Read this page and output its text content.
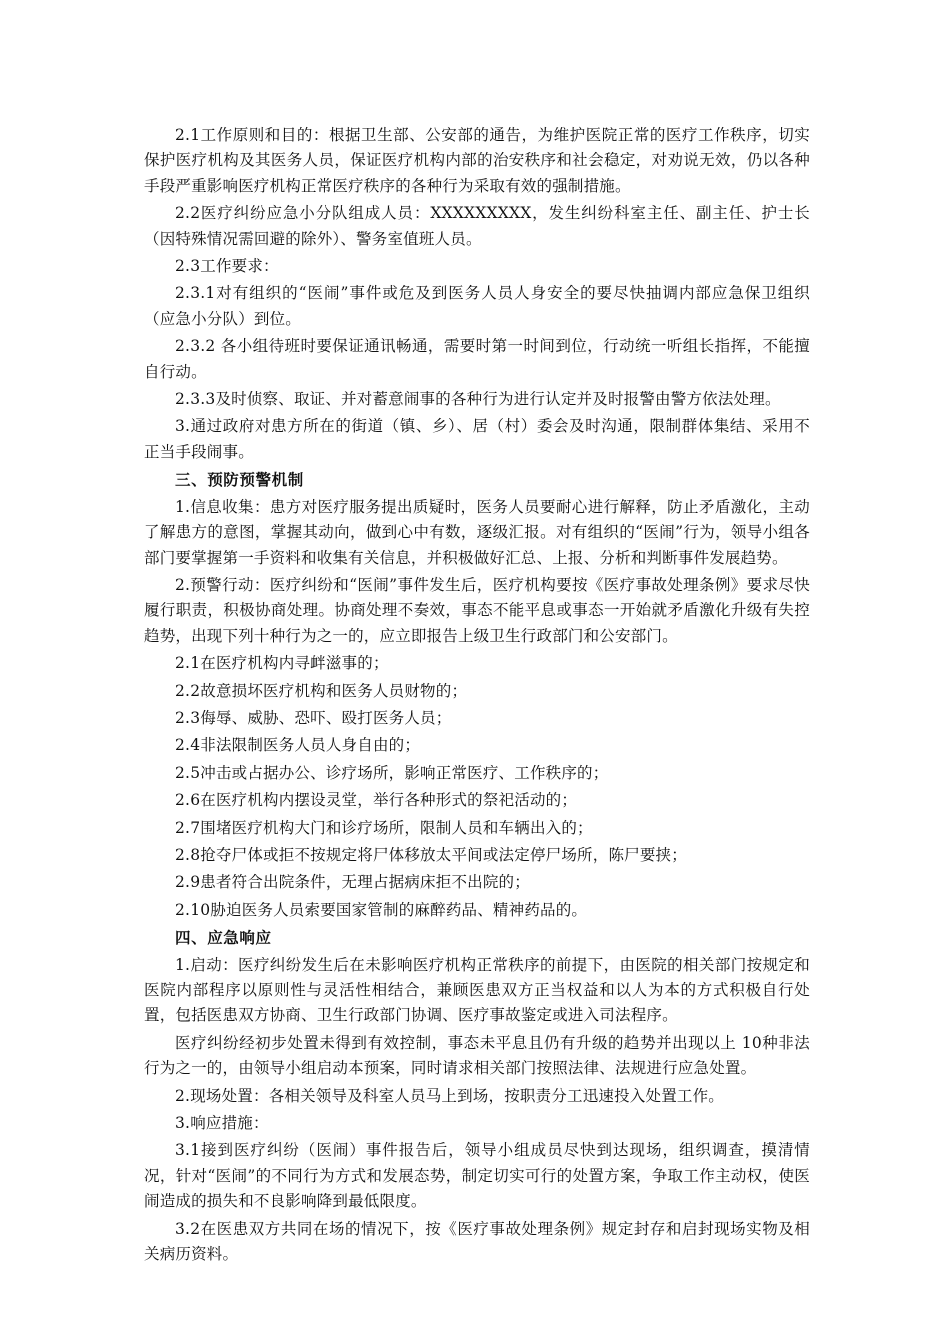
2.1工作原则和目的：根据卫生部、公安部的通告，为维护医院正常的医疗工作秩序，切实保护医疗机构及其医务人员，保证医疗机构内部的治安秩序和社会稳定，对劝说无效，仍以各种手段严重影响医疗机构正常医疗秩序的各种行为采取有效的强制措施。

2.2医疗纠纷应急小分队组成人员：XXXXXXXXX，发生纠纷科室主任、副主任、护士长（因特殊情况需回避的除外）、警务室值班人员。

2.3工作要求：

2.3.1对有组织的“医闹”事件或危及到医务人员人身安全的要尽快抽调内部应急保卫组织（应急小分队）到位。

2.3.2 各小组待班时要保证通讯畅通，需要时第一时间到位，行动统一听组长指挥，不能擅自行动。

2.3.3及时侦察、取证、并对蓄意闹事的各种行为进行认定并及时报警由警方依法处理。

3.通过政府对患方所在的街道（镇、乡）、居（村）委会及时沟通，限制群体集结、采用不正当手段闹事。

三、预防预警机制

1.信息收集：患方对医疗服务提出质疑时，医务人员要耐心进行解释，防止矛盾激化，主动了解患方的意图，掌握其动向，做到心中有数，逐级汇报。对有组织的“医闹”行为，领导小组各部门要掌握第一手资料和收集有关信息，并积极做好汇总、上报、分析和判断事件发展趋势。

2.预警行动：医疗纠纷和“医闹”事件发生后，医疗机构要按《医疗事故处理条例》要求尽快履行职责，积极协商处理。协商处理不奏效，事态不能平息或事态一开始就矛盾激化升级有失控趋势，出现下列十种行为之一的，应立即报告上级卫生行政部门和公安部门。

2.1在医疗机构内寻衅滋事的；

2.2故意损坏医疗机构和医务人员财物的；

2.3侮辱、威胁、恐吓、殴打医务人员；

2.4非法限制医务人员人身自由的；

2.5冲击或占据办公、诊疗场所，影响正常医疗、工作秩序的；

2.6在医疗机构内摆设灵堂，举行各种形式的祭祀活动的；

2.7围堵医疗机构大门和诊疗场所，限制人员和车辆出入的；

2.8抢夺尸体或拒不按规定将尸体移放太平间或法定停尸场所，陈尸要挟；

2.9患者符合出院条件，无理占据病床拒不出院的；

2.10胁迫医务人员索要国家管制的麻醉药品、精神药品的。

四、应急响应

1.启动：医疗纠纷发生后在未影响医疗机构正常秩序的前提下，由医院的相关部门按规定和医院内部程序以原则性与灵活性相结合，兼顾医患双方正当权益和以人为本的方式积极自行处置，包括医患双方协商、卫生行政部门协调、医疗事故鉴定或进入司法程序。

医疗纠纷经初步处置未得到有效控制，事态未平息且仍有升级的趋势并出现以上 10种非法行为之一的，由领导小组启动本预案，同时请求相关部门按照法律、法规进行应急处置。

2.现场处置：各相关领导及科室人员马上到场，按职责分工迅速投入处置工作。

3.响应措施：

3.1接到医疗纠纷（医闹）事件报告后，领导小组成员尽快到达现场，组织调查，摸清情况，针对“医闹”的不同行为方式和发展态势，制定切实可行的处置方案，争取工作主动权，使医闹造成的损失和不良影响降到最低限度。

3.2在医患双方共同在场的情况下，按《医疗事故处理条例》规定封存和启封现场实物及相关病历资料。
